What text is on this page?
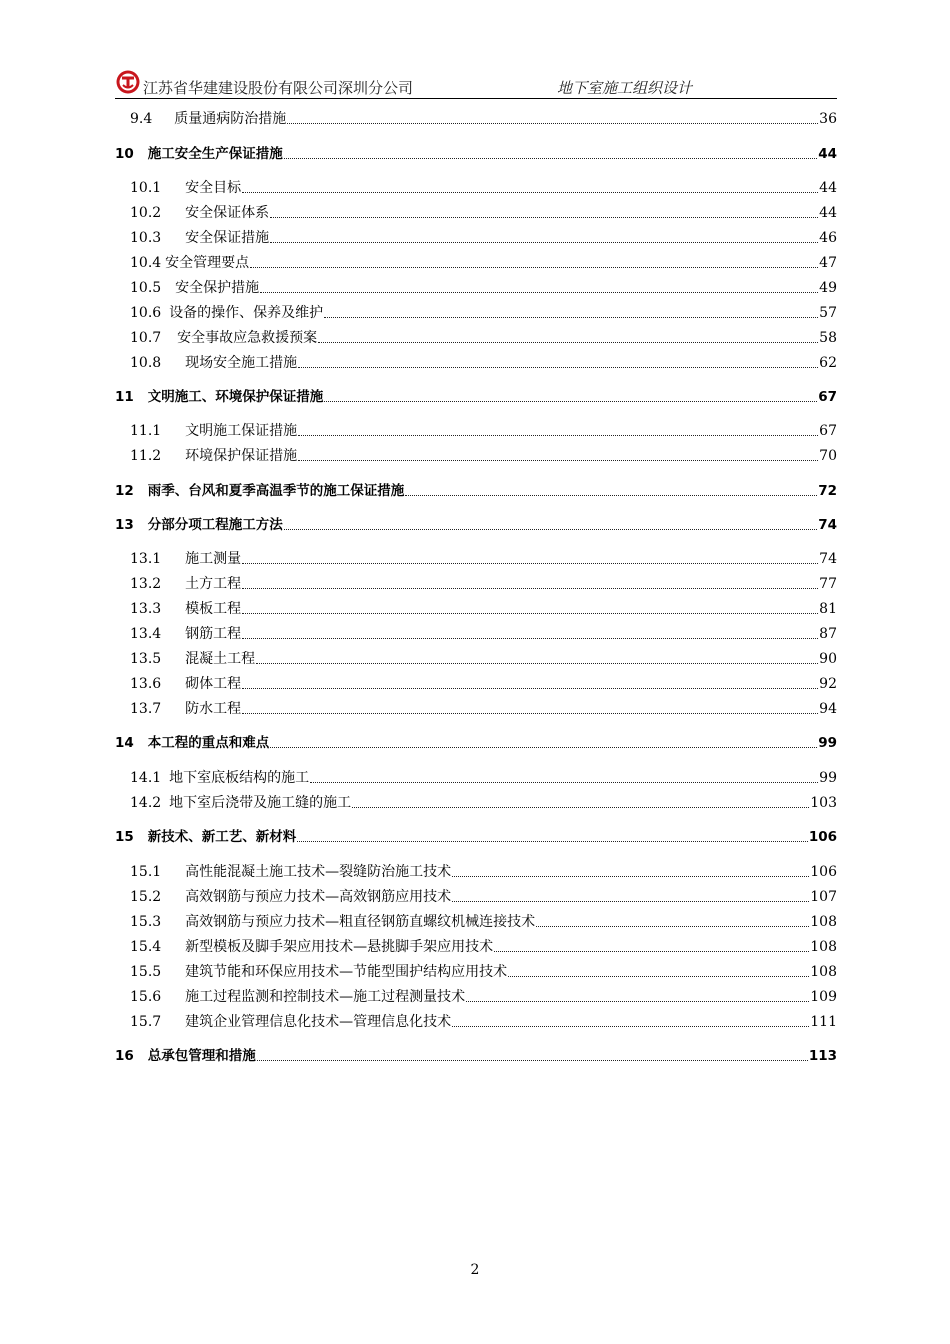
江苏省华建建设股份有限公司深圳分公司	地下室施工组织设计
9.4 质量通病防治措施	36
10 施工安全生产保证措施	44
10.1 安全目标	44
10.2 安全保证体系	44
10.3 安全保证措施	46
10.4 安全管理要点	47
10.5 安全保护措施	49
10.6 设备的操作、保养及维护	57
10.7 安全事故应急救援预案	58
10.8 现场安全施工措施	62
11 文明施工、环境保护保证措施	67
11.1 文明施工保证措施	67
11.2 环境保护保证措施	70
12 雨季、台风和夏季高温季节的施工保证措施	72
13 分部分项工程施工方法	74
13.1 施工测量	74
13.2 土方工程	77
13.3 模板工程	81
13.4 钢筋工程	87
13.5 混凝土工程	90
13.6 砌体工程	92
13.7 防水工程	94
14 本工程的重点和难点	99
14.1 地下室底板结构的施工	99
14.2 地下室后浇带及施工缝的施工	103
15 新技术、新工艺、新材料	106
15.1 高性能混凝土施工技术—裂缝防治施工技术	106
15.2 高效钢筋与预应力技术—高效钢筋应用技术	107
15.3 高效钢筋与预应力技术—粗直径钢筋直螺纹机械连接技术	108
15.4 新型模板及脚手架应用技术—悬挑脚手架应用技术	108
15.5 建筑节能和环保应用技术—节能型围护结构应用技术	108
15.6 施工过程监测和控制技术—施工过程测量技术	109
15.7 建筑企业管理信息化技术—管理信息化技术	111
16 总承包管理和措施	113
2
